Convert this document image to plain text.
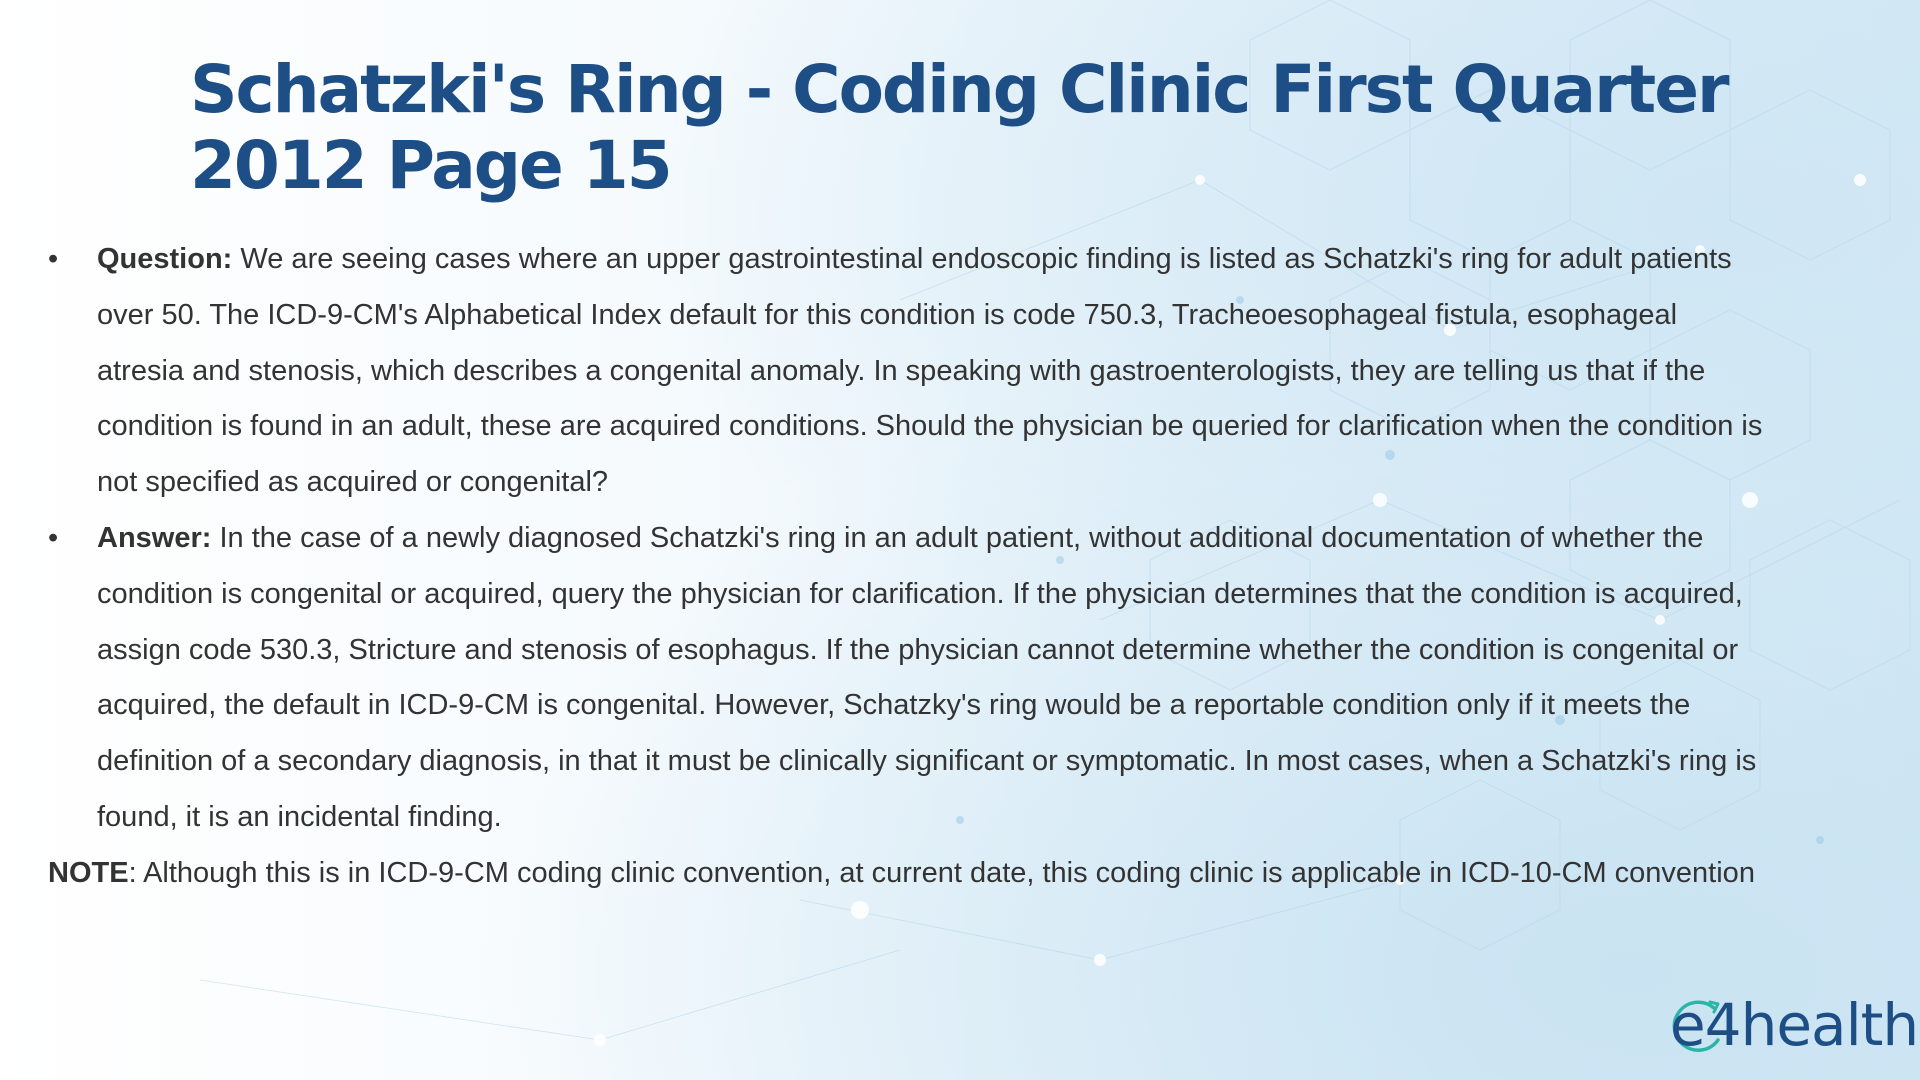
Schatzki's Ring - Coding Clinic First Quarter 2012 Page 15
•	Question: We are seeing cases where an upper gastrointestinal endoscopic finding is listed as Schatzki's ring for adult patients over 50. The ICD-9-CM's Alphabetical Index default for this condition is code 750.3, Tracheoesophageal fistula, esophageal atresia and stenosis, which describes a congenital anomaly. In speaking with gastroenterologists, they are telling us that if the condition is found in an adult, these are acquired conditions. Should the physician be queried for clarification when the condition is not specified as acquired or congenital?
•	Answer: In the case of a newly diagnosed Schatzki's ring in an adult patient, without additional documentation of whether the condition is congenital or acquired, query the physician for clarification. If the physician determines that the condition is acquired, assign code 530.3, Stricture and stenosis of esophagus. If the physician cannot determine whether the condition is congenital or acquired, the default in ICD-9-CM is congenital. However, Schatzky's ring would be a reportable condition only if it meets the definition of a secondary diagnosis, in that it must be clinically significant or symptomatic. In most cases, when a Schatzki's ring is found, it is an incidental finding.
NOTE: Although this is in ICD-9-CM coding clinic convention, at current date, this coding clinic is applicable in ICD-10-CM convention
e4health
